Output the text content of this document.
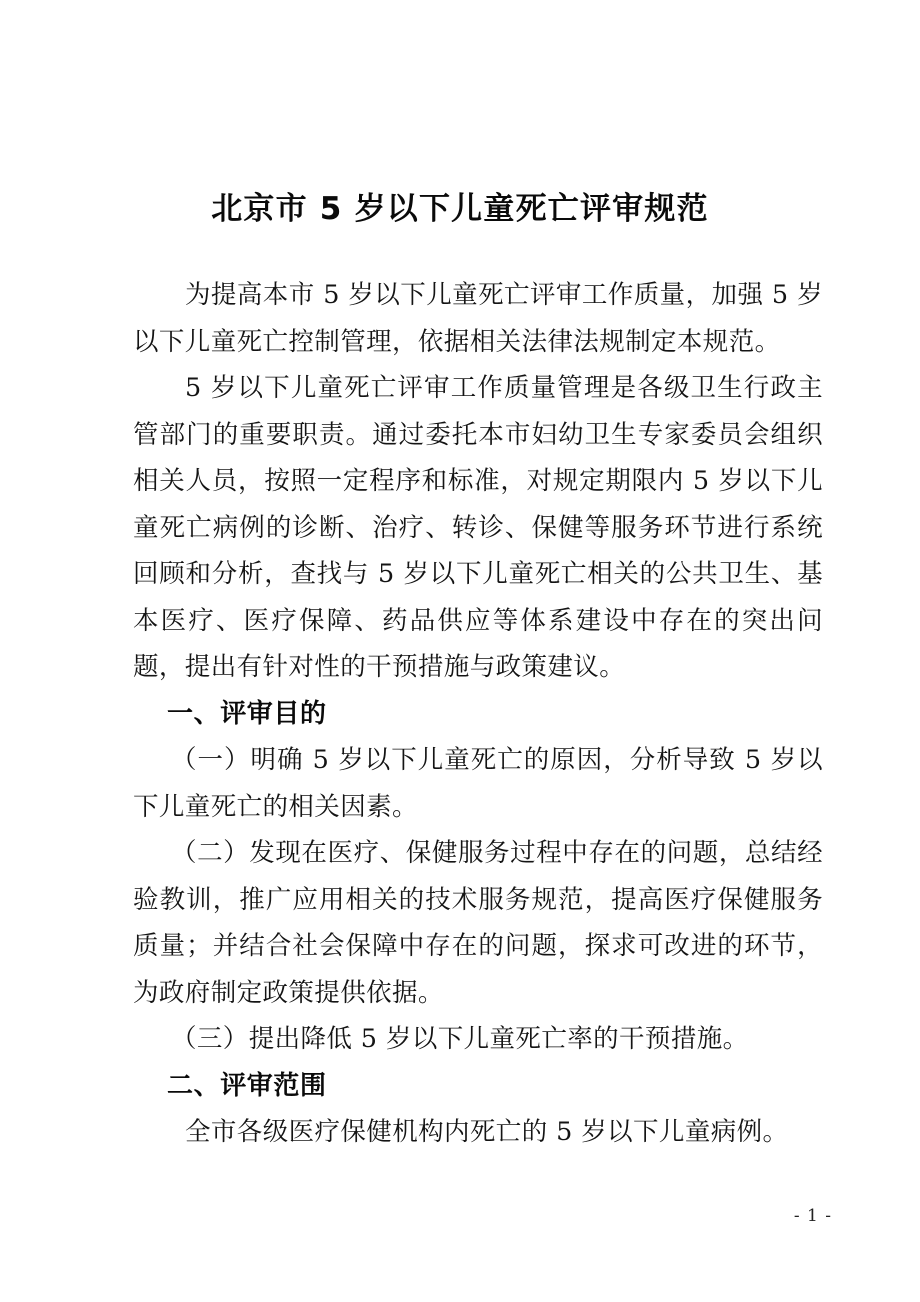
北京市 5 岁以下儿童死亡评审规范

为提高本市 5 岁以下儿童死亡评审工作质量，加强 5 岁以下儿童死亡控制管理，依据相关法律法规制定本规范。

5 岁以下儿童死亡评审工作质量管理是各级卫生行政主管部门的重要职责。通过委托本市妇幼卫生专家委员会组织相关人员，按照一定程序和标准，对规定期限内 5 岁以下儿童死亡病例的诊断、治疗、转诊、保健等服务环节进行系统回顾和分析，查找与 5 岁以下儿童死亡相关的公共卫生、基本医疗、医疗保障、药品供应等体系建设中存在的突出问题，提出有针对性的干预措施与政策建议。

一、评审目的

（一）明确 5 岁以下儿童死亡的原因，分析导致 5 岁以下儿童死亡的相关因素。

（二）发现在医疗、保健服务过程中存在的问题，总结经验教训，推广应用相关的技术服务规范，提高医疗保健服务质量；并结合社会保障中存在的问题，探求可改进的环节，为政府制定政策提供依据。

（三）提出降低 5 岁以下儿童死亡率的干预措施。

二、评审范围

全市各级医疗保健机构内死亡的 5 岁以下儿童病例。

- 1 -
